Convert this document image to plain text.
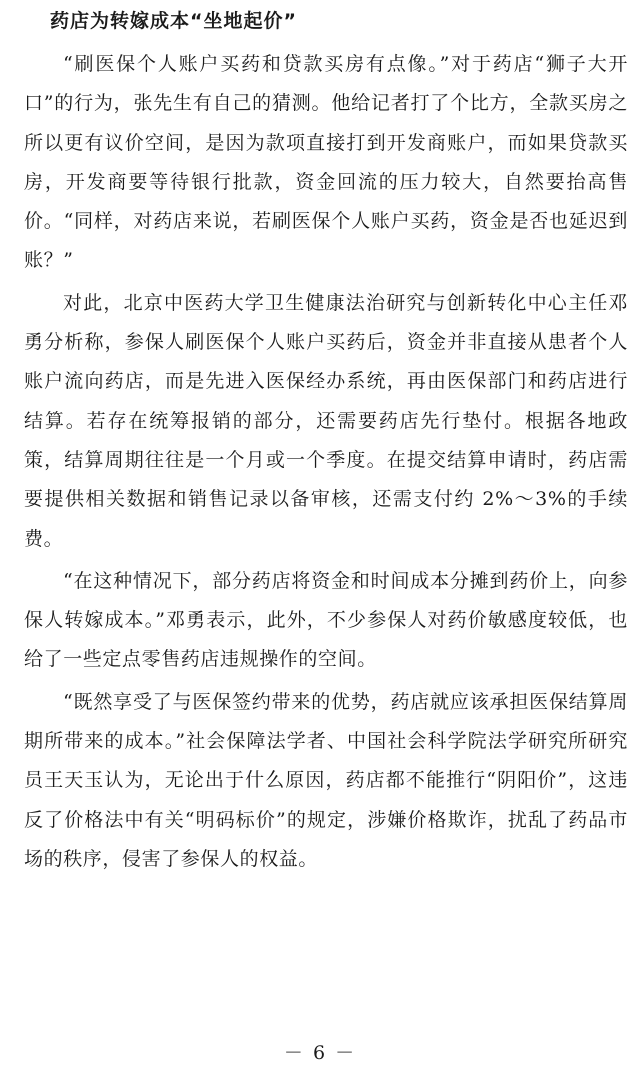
药店为转嫁成本“坐地起价”

“刷医保个人账户买药和贷款买房有点像。”对于药店“狮子大开口”的行为，张先生有自己的猜测。他给记者打了个比方，全款买房之所以更有议价空间，是因为款项直接打到开发商账户，而如果贷款买房，开发商要等待银行批款，资金回流的压力较大，自然要抬高售价。“同样，对药店来说，若刷医保个人账户买药，资金是否也延迟到账？”

对此，北京中医药大学卫生健康法治研究与创新转化中心主任邓勇分析称，参保人刷医保个人账户买药后，资金并非直接从患者个人账户流向药店，而是先进入医保经办系统，再由医保部门和药店进行结算。若存在统筹报销的部分，还需要药店先行垫付。根据各地政策，结算周期往往是一个月或一个季度。在提交结算申请时，药店需要提供相关数据和销售记录以备审核，还需支付约 2%～3%的手续费。

“在这种情况下，部分药店将资金和时间成本分摊到药价上，向参保人转嫁成本。”邓勇表示，此外，不少参保人对药价敏感度较低，也给了一些定点零售药店违规操作的空间。

“既然享受了与医保签约带来的优势，药店就应该承担医保结算周期所带来的成本。”社会保障法学者、中国社会科学院法学研究所研究员王天玉认为，无论出于什么原因，药店都不能推行“阴阳价”，这违反了价格法中有关“明码标价”的规定，涉嫌价格欺诈，扰乱了药品市场的秩序，侵害了参保人的权益。

－ 6 －
